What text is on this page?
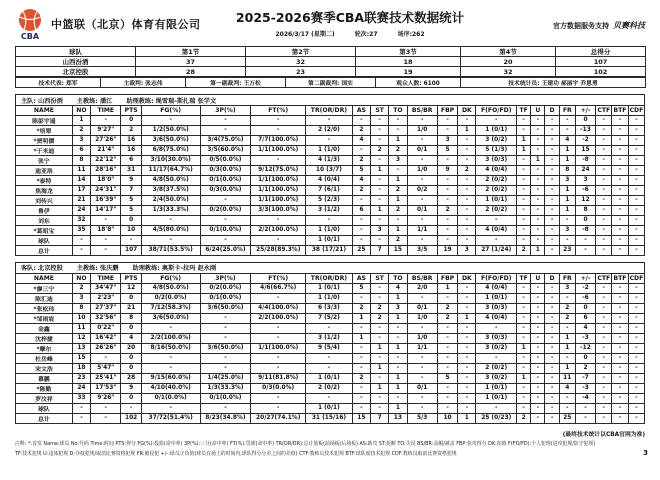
CBA
中篮联（北京）体育有限公司	2025-2026赛季CBA联赛技术数据统计
2026/3/17 (星期二)	轮次:27	场序:262
官方数据服务支持 贝赛科技
球队	第1节	第2节	第3节	第4节	总得分
山西汾酒	37	32	18	20	107
北京控股	28	23	19	32	102
技术代表: 郑军	主裁判: 张志伟	第一副裁判: 王万松	第二副裁判: 国实	观众人数: 6100	技术统计员: 王建功 郝丽宇 乔恩勇
主队: 山西汾酒 主教练: 潘江 助理教练: 绳雪瑞-斯扎瑞 张学文
NAME	NO	TIME	PTS	FG(%)	3P(%)	FT(%)	TR(OR/DR)	AS	ST	TO	BS/BR	FBP	DK	F(FO/FD)	TF	U	D	FR	+/-	CTF	BTF	CDF
陈彭宇遥	1	-	0	-	-	-	-	-	-	-	-	-	-	-	-	-	-	-	0	-	-	-
*培翠	2	9'27"	2	1/2(50.0%)	-	-	2 (2/0)	2	-	-	1/0	-	1	1 (0/1)	-	-	-	-	-13	-	-	-
*贾明儒	3	27'26"	16	3/6(50.0%)	3/4(75.0%)	7/7(100.0%)	-	4	-	1	-	3	-	3 (0/2)	1	-	-	4	-2	-	-	-
*于米迪	6	21'4"	16	6/8(75.0%)	3/5(60.0%)	1/1(100.0%)	1 (1/0)	-	2	2	0/1	5	-	5 (1/3)	1	-	-	1	15	-	-	-
张宁	8	22'12"	6	3/10(30.0%)	0/5(0.0%)	-	4 (1/3)	2	-	3	-	-	-	3 (0/3)	-	1	-	1	-8	-	-	-
迪亚洛	11	28'16"	31	11/17(64.7%)	0/3(0.0%)	9/12(75.0%)	10 (3/7)	5	1	-	1/0	9	2	4 (0/4)	-	-	-	8	24	-	-	-
*泰特	14	18'0"	9	4/8(50.0%)	0/1(0.0%)	1/1(100.0%)	4 (0/4)	4	-	1	-	-	-	2 (0/2)	-	-	-	3	3	-	-	-
焦海龙	17	24'31"	7	3/8(37.5%)	0/3(0.0%)	1/1(100.0%)	7 (6/1)	2	-	2	0/2	-	-	2 (0/2)	-	-	-	1	-6	-	-	-
刘传兴	21	16'39"	5	2/4(50.0%)	-	1/1(100.0%)	5 (2/3)	-	-	1	-	-	-	1 (0/1)	-	-	-	1	12	-	-	-
鲁伊	24	14'17"	5	1/3(33.3%)	0/2(0.0%)	3/3(100.0%)	3 (1/2)	6	1	2	0/1	2	-	2 (0/2)	-	-	-	1	8	-	-	-
刘东	32	-	0	-	-	-	-	-	-	-	-	-	-	-	-	-	-	-	0	-	-	-
*葛昭宝	35	18'8"	10	4/5(80.0%)	0/1(0.0%)	2/2(100.0%)	1 (1/0)	-	3	1	1/1	-	-	4 (0/4)	-	-	-	3	-8	-	-	-
球队	-	-	-	-	-	-	1 (0/1)	-	-	2	-	-	-	-	-	-	-	-	-	-	-	-
总计	-	-	107	38/71(53.5%)	6/24(25.0%)	25/28(89.3%)	38 (17/21)	25	7	15	3/5	19	3	27 (1/24)	2	1	-	23	-	-	-	-
客队: 北京控股 主教练: 张庆鹏 助理教练: 奥斯卡-拉玛 赵永刚
NAME	NO	TIME	PTS	FG(%)	3P(%)	FT(%)	TR(OR/DR)	AS	ST	TO	BS/BR	FBP	DK	F(FO/FD)	TF	U	D	FR	+/-	CTF	BTF	CDF
*廖三宁	2	34'47"	12	4/8(50.0%)	0/2(0.0%)	4/6(66.7%)	1 (0/1)	5	-	4	2/0	1	-	4 (0/4)	-	-	-	3	-2	-	-	-
陈汇迪	3	2'23"	0	0/2(0.0%)	0/1(0.0%)	-	1 (1/0)	-	-	1	-	-	-	1 (0/1)	-	-	-	-	-6	-	-	-
*张松玮	8	27'37"	21	7/12(58.3%)	3/6(50.0%)	4/4(100.0%)	6 (3/3)	2	2	3	0/1	2	-	3 (0/3)	-	-	-	2	0	-	-	-
*邹雨宸	10	32'56"	8	3/6(50.0%)	-	2/2(100.0%)	7 (5/2)	1	2	1	1/0	2	1	4 (0/4)	-	-	-	2	6	-	-	-
金鑫	11	0'22"	0	-	-	-	-	-	-	-	-	-	-	-	-	-	-	-	4	-	-	-
沈梓捷	12	16'42"	4	2/2(100.0%)	-	-	3 (1/2)	1	-	-	1/0	-	-	3 (0/3)	-	-	-	1	-3	-	-	-
*摩尔	13	26'26"	20	8/16(50.0%)	3/6(50.0%)	1/1(100.0%)	9 (5/4)	-	1	1	1/1	-	-	3 (0/2)	1	-	-	1	-12	-	-	-
杜岳峰	15	-	0	-	-	-	-	-	-	-	-	-	-	-	-	-	-	-	0	-	-	-
宋文浩	18	5'47"	0	-	-	-	-	-	1	-	-	-	-	2 (0/2)	-	-	-	1	2	-	-	-
慕鹏	23	25'41"	28	9/15(60.0%)	1/4(25.0%)	9/11(81.8%)	1 (0/1)	2	-	1	-	5	-	3 (0/2)	1	-	-	11	-7	-	-	-
*陈勤	24	17'53"	9	4/10(40.0%)	1/3(33.3%)	0/3(0.0%)	2 (0/2)	-	1	1	0/1	-	-	1 (0/1)	-	-	-	4	-3	-	-	-
罗汶祥	33	9'26"	0	0/1(0.0%)	0/1(0.0%)	-	-	-	-	-	-	-	-	1 (0/1)	-	-	-	-	-4	-	-	-
球队	-	-	-	-	-	-	1 (0/1)	-	-	1	-	-	-	-	-	-	-	-	-	-	-	-
总计	-	-	102	37/72(51.4%)	8/23(34.8%)	20/27(74.1%)	31 (15/16)	15	7	13	5/3	10	1	25 (0/23)	2	-	-	25	-	-	-	-
(最终技术统计以CBA官网为准)
注释: *:首发 Name:球员 No:号码 Time:时间 PTS:得分 FG(%):投篮(命中率) 3P(%):三分(命中率) FT(%):罚球(命中率) TR(OR/DR):总计篮板(前场板/后场板) AS:助攻 ST:抢断 TO:失误 BS/BR:盖帽/被盖 FBP:快攻得分 DK:扣篮 F(FO/FD):个人犯规(进攻犯规/防守犯规)
TF:技术犯规 U:违体犯规 D:夺权犯规/取消比赛资格犯规 FR:被侵犯 +/-:球员正负值(球员在场上的时间内,球队得分分差之间的差值) CTF:教练员技术犯规 BTF:球队席技术犯规 CDF:教练员取消比赛资格犯规	3
